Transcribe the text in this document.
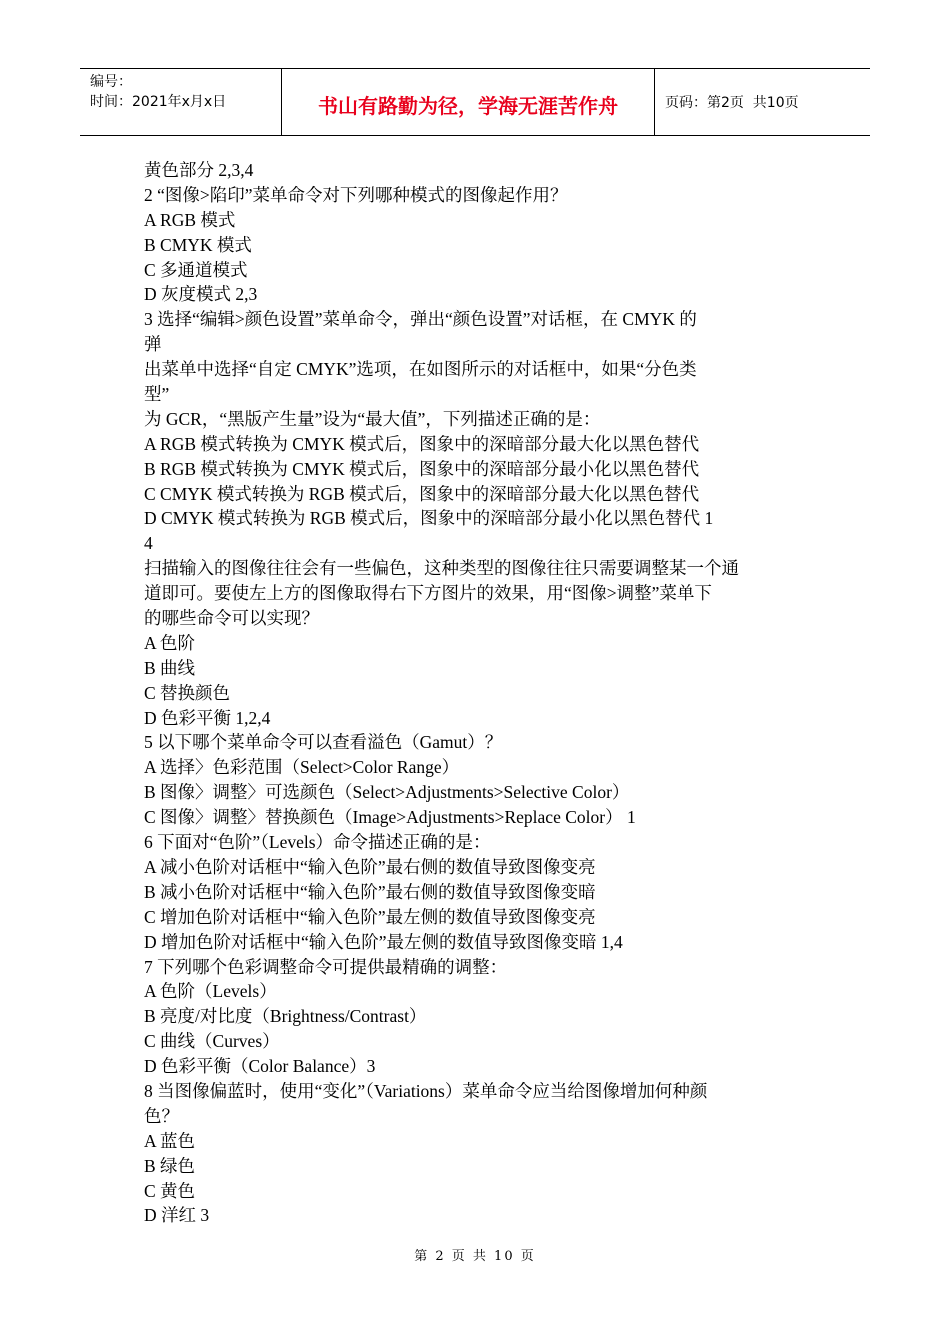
编号：
时间：2021年x月x日	书山有路勤为径，学海无涯苦作舟	页码：第2页  共10页
黄色部分 2,3,4
2 “图像>陷印”菜单命令对下列哪种模式的图像起作用？
A RGB 模式
B CMYK 模式
C 多通道模式
D 灰度模式 2,3
3 选择“编辑>颜色设置”菜单命令，弹出“颜色设置”对话框，在 CMYK 的
弹
出菜单中选择“自定 CMYK”选项，在如图所示的对话框中，如果“分色类
型”
为 GCR，“黑版产生量”设为“最大值”，下列描述正确的是：
A RGB 模式转换为 CMYK 模式后，图象中的深暗部分最大化以黑色替代
B RGB 模式转换为 CMYK 模式后，图象中的深暗部分最小化以黑色替代
C CMYK 模式转换为 RGB 模式后，图象中的深暗部分最大化以黑色替代
D CMYK 模式转换为 RGB 模式后，图象中的深暗部分最小化以黑色替代 1
4
扫描输入的图像往往会有一些偏色，这种类型的图像往往只需要调整某一个通
道即可。要使左上方的图像取得右下方图片的效果，用“图像>调整”菜单下
的哪些命令可以实现？
A 色阶
B 曲线
C 替换颜色
D 色彩平衡 1,2,4
5 以下哪个菜单命令可以查看溢色（Gamut）？
A 选择〉色彩范围（Select>Color Range）
B 图像〉调整〉可选颜色（Select>Adjustments>Selective Color）
C 图像〉调整〉替换颜色（Image>Adjustments>Replace Color） 1
6 下面对“色阶”（Levels）命令描述正确的是：
A 减小色阶对话框中“输入色阶”最右侧的数值导致图像变亮
B 减小色阶对话框中“输入色阶”最右侧的数值导致图像变暗
C 增加色阶对话框中“输入色阶”最左侧的数值导致图像变亮
D 增加色阶对话框中“输入色阶”最左侧的数值导致图像变暗 1,4
7 下列哪个色彩调整命令可提供最精确的调整：
A 色阶（Levels）
B 亮度/对比度（Brightness/Contrast）
C 曲线（Curves）
D 色彩平衡（Color Balance）3
8 当图像偏蓝时，使用“变化”（Variations）菜单命令应当给图像增加何种颜
色？
A 蓝色
B 绿色
C 黄色
D 洋红 3
第 2 页 共 10 页
